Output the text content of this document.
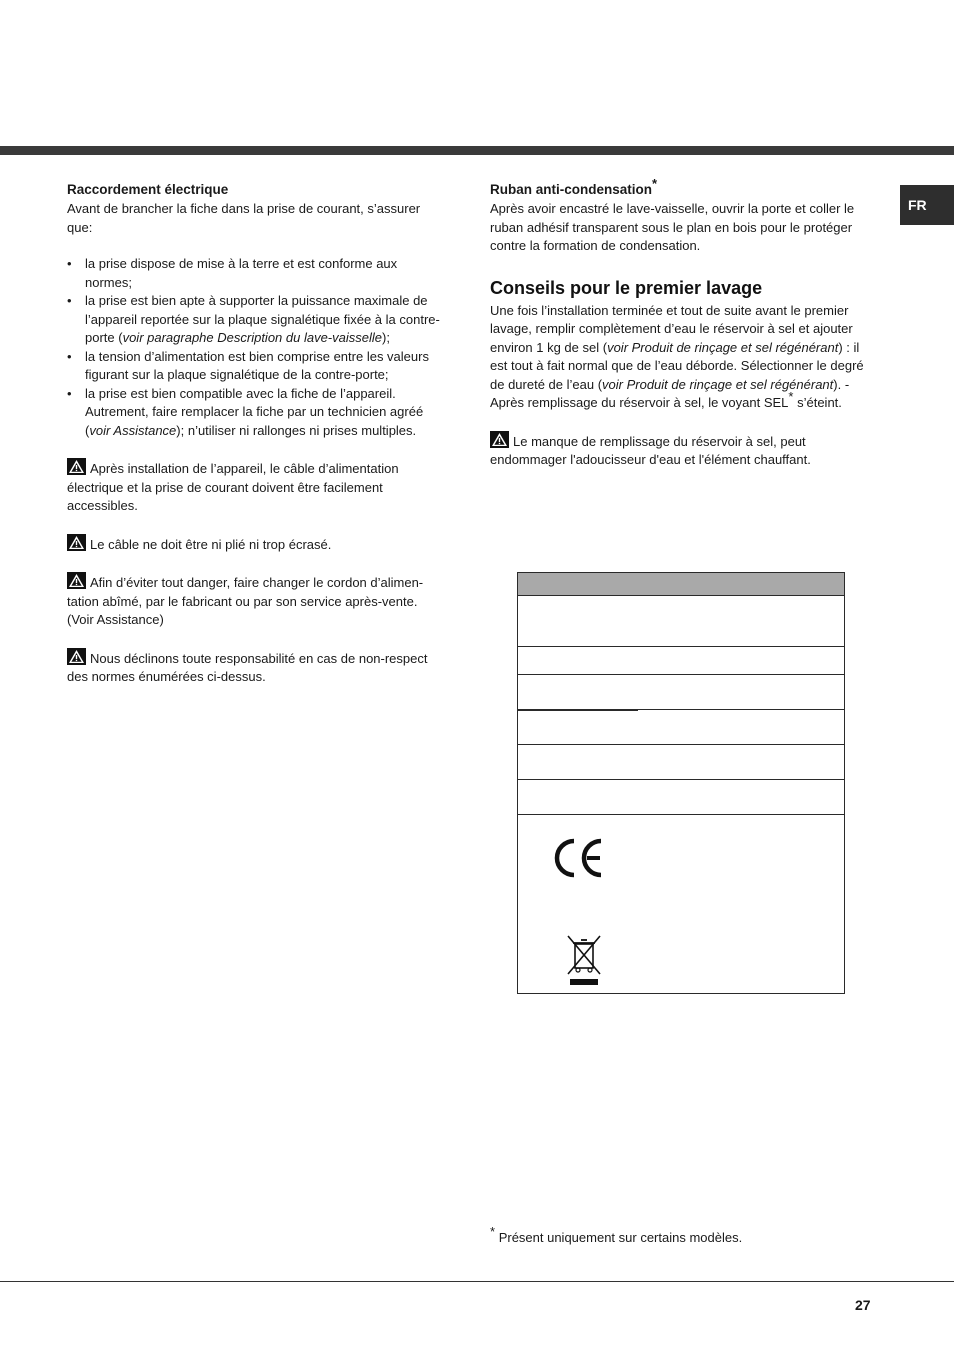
FR
Raccordement électrique

Avant de brancher la fiche dans la prise de courant, s’assurer que:

• la prise dispose de mise à la terre et est conforme aux normes;
• la prise est bien apte à supporter la puissance maximale de l’appareil reportée sur la plaque signalétique fixée à la contre-porte (voir paragraphe Description du lave-vaisselle);
• la tension d’alimentation est bien comprise entre les valeurs figurant sur la plaque signalétique de la contre-porte;
• la prise est bien compatible avec la fiche de l’appareil. Autrement, faire remplacer la fiche par un technicien agréé (voir Assistance); n’utiliser ni rallonges ni prises multiples.

Après installation de l’appareil, le câble d’alimentation électrique et la prise de courant doivent être facilement accessibles.

Le câble ne doit être ni plié ni trop écrasé.

Afin d’éviter tout danger, faire changer le cordon d’alimen-tation abîmé, par le fabricant ou par son service après-vente. (Voir Assistance)

Nous déclinons toute responsabilité en cas de non-respect des normes énumérées ci-dessus.

Ruban anti-condensation*

Après avoir encastré le lave-vaisselle, ouvrir la porte et coller le ruban adhésif transparent sous le plan en bois pour le protéger contre la formation de condensation.

Conseils pour le premier lavage

Une fois l’installation terminée et tout de suite avant le premier lavage, remplir complètement d’eau le réservoir à sel et ajouter environ 1 kg de sel (voir Produit de rinçage et sel régénérant) : il est tout à fait normal que de l’eau déborde. Sélectionner le degré de dureté de l’eau (voir Produit de rinçage et sel régénérant). - Après remplissage du réservoir à sel, le voyant SEL* s’éteint.

Le manque de remplissage du réservoir à sel, peut endommager l'adoucisseur d'eau et l'élément chauffant.

* Présent uniquement sur certains modèles.
27
